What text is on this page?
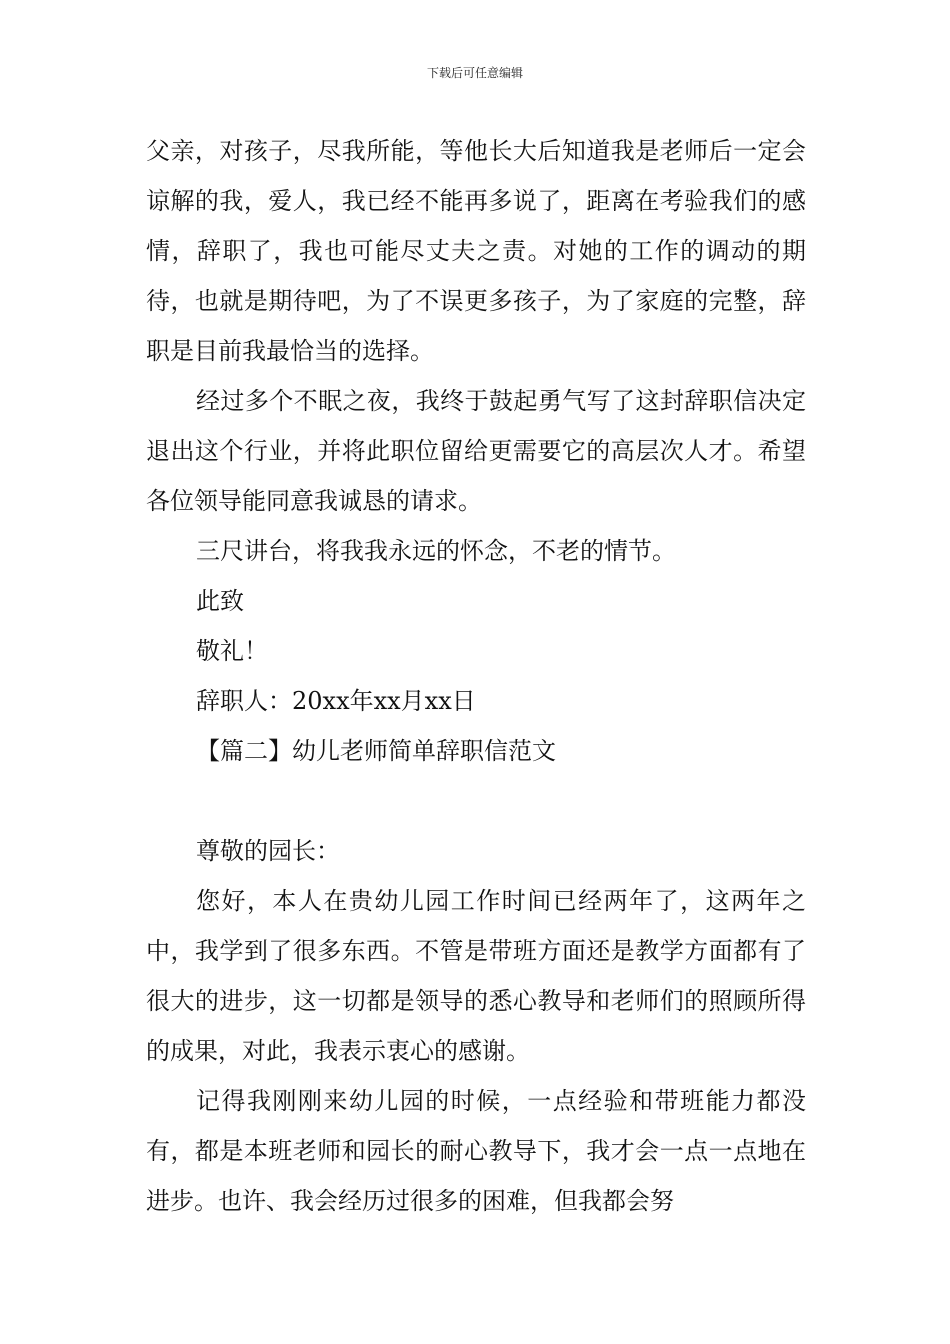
下载后可任意编辑

父亲，对孩子，尽我所能，等他长大后知道我是老师后一定会谅解的我，爱人，我已经不能再多说了，距离在考验我们的感情，辞职了，我也可能尽丈夫之责。对她的工作的调动的期待，也就是期待吧，为了不误更多孩子，为了家庭的完整，辞职是目前我最恰当的选择。

经过多个不眠之夜，我终于鼓起勇气写了这封辞职信决定退出这个行业，并将此职位留给更需要它的高层次人才。希望各位领导能同意我诚恳的请求。

三尺讲台，将我我永远的怀念，不老的情节。

此致

敬礼！

辞职人：20xx年xx月xx日

【篇二】幼儿老师简单辞职信范文

尊敬的园长：

您好，本人在贵幼儿园工作时间已经两年了，这两年之中，我学到了很多东西。不管是带班方面还是教学方面都有了很大的进步，这一切都是领导的悉心教导和老师们的照顾所得的成果，对此，我表示衷心的感谢。

记得我刚刚来幼儿园的时候，一点经验和带班能力都没有，都是本班老师和园长的耐心教导下，我才会一点一点地在进步。也许、我会经历过很多的困难，但我都会努
